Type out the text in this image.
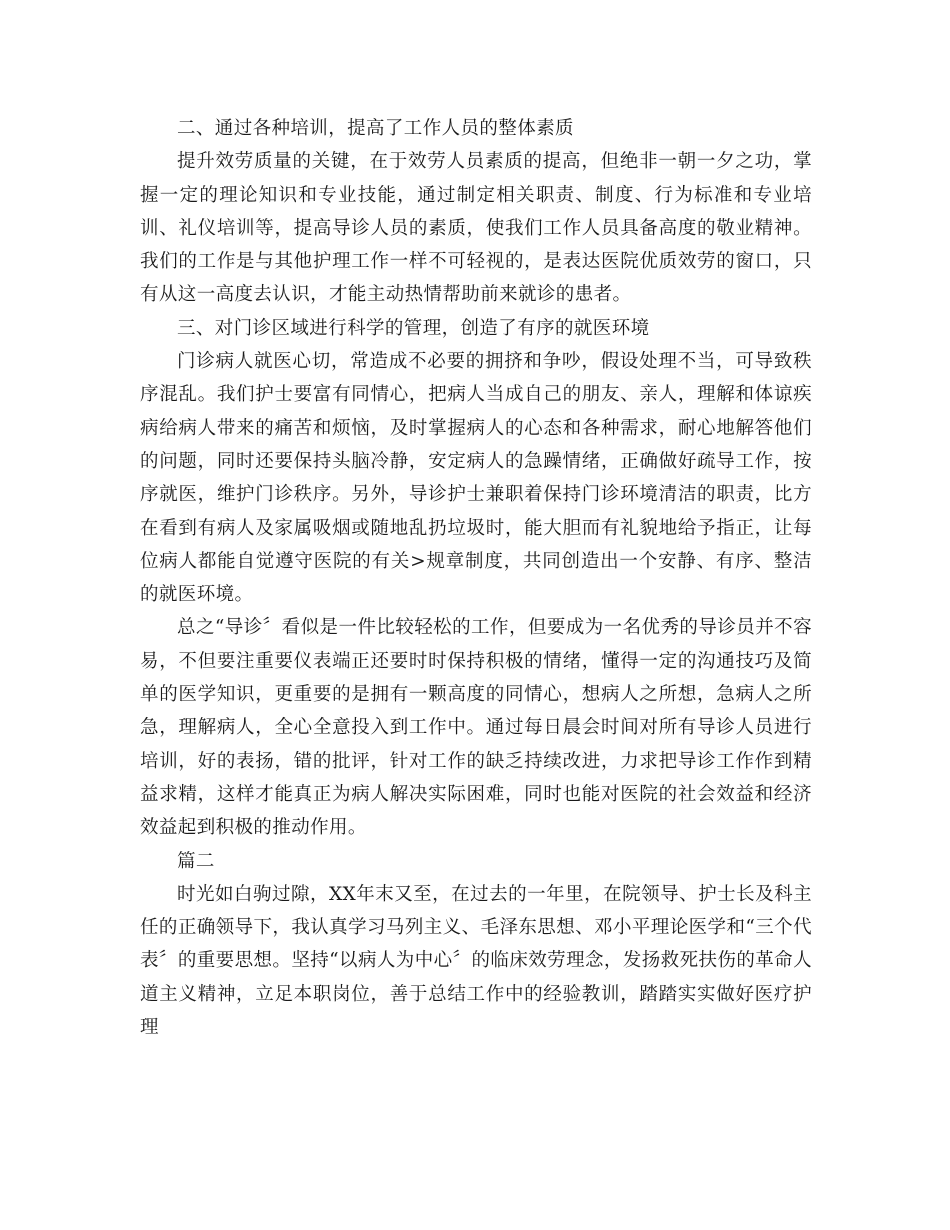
二、通过各种培训，提高了工作人员的整体素质

提升效劳质量的关键，在于效劳人员素质的提高，但绝非一朝一夕之功，掌握一定的理论知识和专业技能，通过制定相关职责、制度、行为标准和专业培训、礼仪培训等，提高导诊人员的素质，使我们工作人员具备高度的敬业精神。我们的工作是与其他护理工作一样不可轻视的，是表达医院优质效劳的窗口，只有从这一高度去认识，才能主动热情帮助前来就诊的患者。

三、对门诊区域进行科学的管理，创造了有序的就医环境

门诊病人就医心切，常造成不必要的拥挤和争吵，假设处理不当，可导致秩序混乱。我们护士要富有同情心，把病人当成自己的朋友、亲人，理解和体谅疾病给病人带来的痛苦和烦恼，及时掌握病人的心态和各种需求，耐心地解答他们的问题，同时还要保持头脑冷静，安定病人的急躁情绪，正确做好疏导工作，按序就医，维护门诊秩序。另外，导诊护士兼职着保持门诊环境清洁的职责，比方在看到有病人及家属吸烟或随地乱扔垃圾时，能大胆而有礼貌地给予指正，让每位病人都能自觉遵守医院的有关>规章制度，共同创造出一个安静、有序、整洁的就医环境。

总之“导诊〞看似是一件比较轻松的工作，但要成为一名优秀的导诊员并不容易，不但要注重要仪表端正还要时时保持积极的情绪，懂得一定的沟通技巧及简单的医学知识，更重要的是拥有一颗高度的同情心，想病人之所想，急病人之所急，理解病人，全心全意投入到工作中。通过每日晨会时间对所有导诊人员进行培训，好的表扬，错的批评，针对工作的缺乏持续改进，力求把导诊工作作到精益求精，这样才能真正为病人解决实际困难，同时也能对医院的社会效益和经济效益起到积极的推动作用。

篇二

时光如白驹过隙，XX年末又至，在过去的一年里，在院领导、护士长及科主任的正确领导下，我认真学习马列主义、毛泽东思想、邓小平理论医学和“三个代表〞的重要思想。坚持“以病人为中心〞的临床效劳理念，发扬救死扶伤的革命人道主义精神，立足本职岗位，善于总结工作中的经验教训，踏踏实实做好医疗护理
